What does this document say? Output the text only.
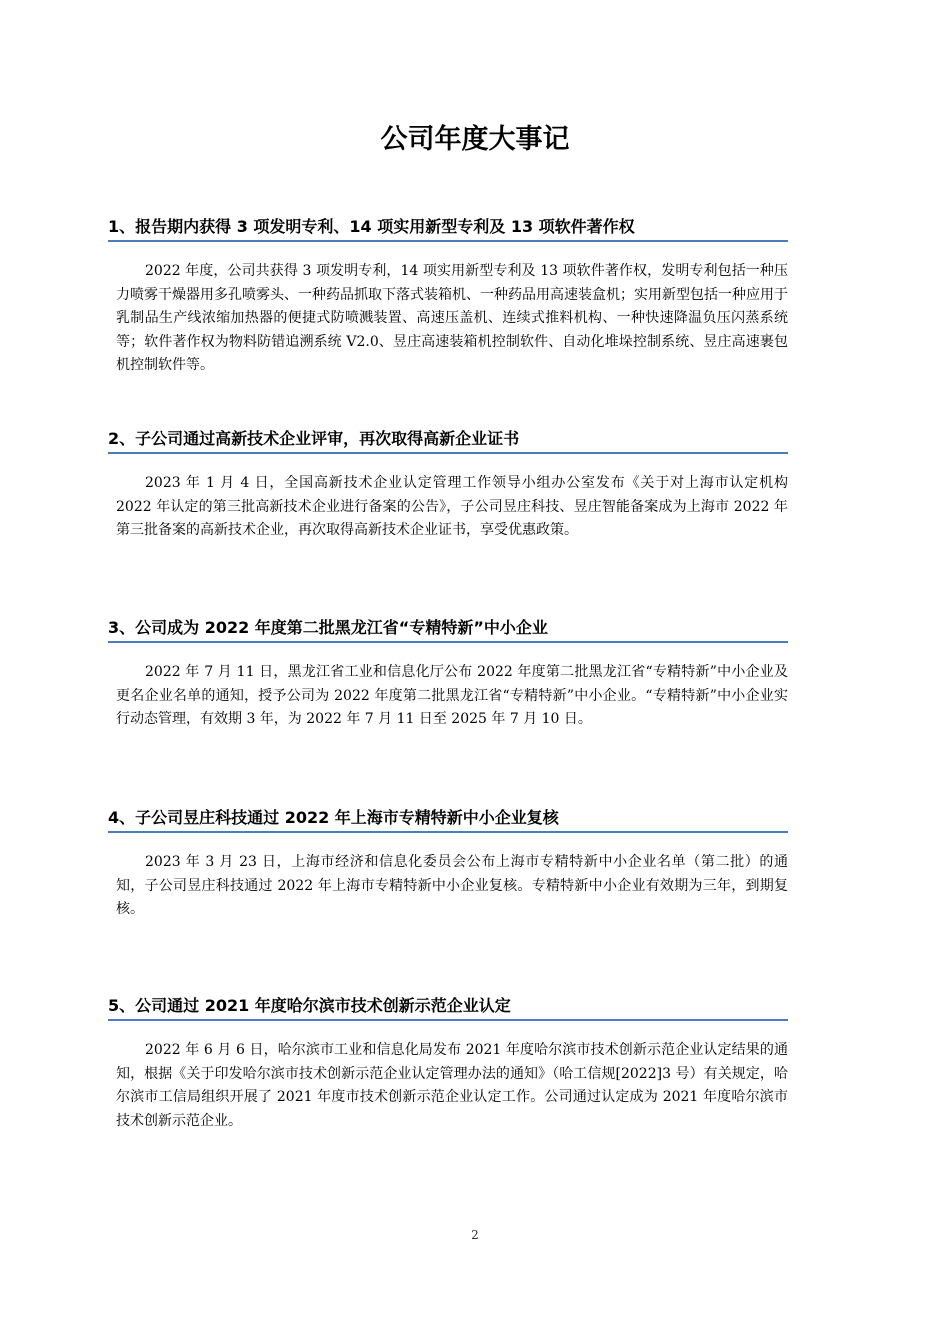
公司年度大事记
1、报告期内获得 3 项发明专利、14 项实用新型专利及 13 项软件著作权

2022 年度，公司共获得 3 项发明专利，14 项实用新型专利及 13 项软件著作权，发明专利包括一种压力喷雾干燥器用多孔喷雾头、一种药品抓取下落式装箱机、一种药品用高速装盒机；实用新型包括一种应用于乳制品生产线浓缩加热器的便捷式防喷溅装置、高速压盖机、连续式推料机构、一种快速降温负压闪蒸系统等；软件著作权为物料防错追溯系统 V2.0、昱庄高速装箱机控制软件、自动化堆垛控制系统、昱庄高速裹包机控制软件等。

2、子公司通过高新技术企业评审，再次取得高新企业证书

2023 年 1 月 4 日，全国高新技术企业认定管理工作领导小组办公室发布《关于对上海市认定机构 2022 年认定的第三批高新技术企业进行备案的公告》，子公司昱庄科技、昱庄智能备案成为上海市 2022 年第三批备案的高新技术企业，再次取得高新技术企业证书，享受优惠政策。

3、公司成为 2022 年度第二批黑龙江省“专精特新”中小企业

2022 年 7 月 11 日，黑龙江省工业和信息化厅公布 2022 年度第二批黑龙江省“专精特新”中小企业及更名企业名单的通知，授予公司为 2022 年度第二批黑龙江省“专精特新”中小企业。“专精特新”中小企业实行动态管理，有效期 3 年，为 2022 年 7 月 11 日至 2025 年 7 月 10 日。

4、子公司昱庄科技通过 2022 年上海市专精特新中小企业复核

2023 年 3 月 23 日，上海市经济和信息化委员会公布上海市专精特新中小企业名单（第二批）的通知，子公司昱庄科技通过 2022 年上海市专精特新中小企业复核。专精特新中小企业有效期为三年，到期复核。

5、公司通过 2021 年度哈尔滨市技术创新示范企业认定

2022 年 6 月 6 日，哈尔滨市工业和信息化局发布 2021 年度哈尔滨市技术创新示范企业认定结果的通知，根据《关于印发哈尔滨市技术创新示范企业认定管理办法的通知》（哈工信规[2022]3 号）有关规定，哈尔滨市工信局组织开展了 2021 年度市技术创新示范企业认定工作。公司通过认定成为 2021 年度哈尔滨市技术创新示范企业。

2
